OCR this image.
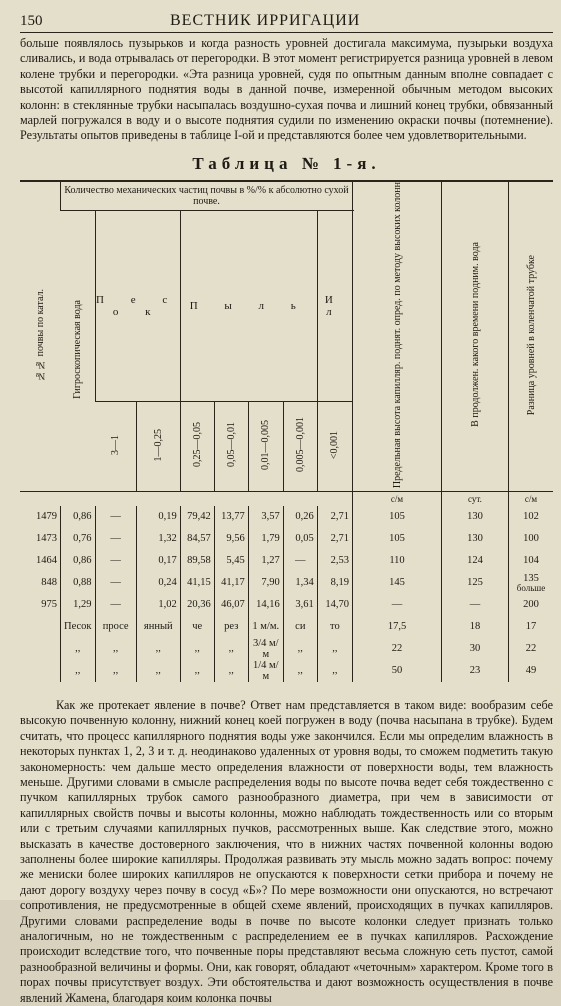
150	ВЕСТНИК ИРРИГАЦИИ

больше появлялось пузырьков и когда разность уровней достигала максимума, пузырьки воздуха сливались, и вода отрывалась от перегородки. В этот момент регистрируется разница уровней в левом колене трубки и перегородки. «Эта разница уровней, судя по опытным данным вполне совпадает с высотой капиллярного поднятия воды в данной почве, измеренной обычным методом высоких колонн: в стеклянные трубки насыпалась воздушно-сухая почва и лишний конец трубки, обвязанный марлей погружался в воду и о высоте поднятия судили по изменению окраски почвы (потемнение). Результаты опытов приведены в таблице I-ой и представляются более чем удовлетворительными.

Таблица № 1-я.
№№ почвы по катал.	Количество механических частиц почвы в %/% к абсолютно сухой почве.								Предельная высота капилляр. поднят. опред. по методу высоких колонн	В продолжен. какого времени подним. вода	Разница уровней в коленчатой трубке
	Гигроскопическая вода	П е с о к		П ы л ь				И л			
		3—1	1—0,25	0,25—0,05	0,05—0,01	0,01—0,005	0,005—0,001	<0,001			
									с/м	сут.	с/м
1479	0,86	—	0,19	79,42	13,77	3,57	0,26	2,71	105	130	102
1473	0,76	—	1,32	84,57	9,56	1,79	0,05	2,71	105	130	100
1464	0,86	—	0,17	89,58	5,45	1,27	—	2,53	110	124	104
848	0,88	—	0,24	41,15	41,17	7,90	1,34	8,19	145	125	135
больше

975	1,29	—	1,02	20,36	46,07	14,16	3,61	14,70	—	—	200
	Песок	просе	янный	че	рез	1 м/м.	си	то	17,5	18	17
	,,	,,	,,	,,	,,	3/4 м/м	,,	,,	22	30	22
	,,	,,	,,	,,	,,	1/4 м/м	,,	,,	50	23	49

Как же протекает явление в почве? Ответ нам представляется в таком виде: вообразим себе высокую почвенную колонну, нижний конец коей погружен в воду (почва насыпана в трубке). Будем считать, что процесс капиллярного поднятия воды уже закончился. Если мы определим влажность в некоторых пунктах 1, 2, 3 и т. д. неодинаково удаленных от уровня воды, то сможем подметить такую закономерность: чем дальше место определения влажности от поверхности воды, тем влажность меньше. Другими словами в смысле распределения воды по высоте почва ведет себя тождественно с пучком капиллярных трубок самого разнообразного диаметра, при чем в зависимости от капиллярных свойств почвы и высоты колонны, можно наблюдать тождественность или со вторым или с третьим случаями капиллярных пучков, рассмотренных выше. Как следствие этого, можно высказать в качестве достоверного заключения, что в нижних частях почвенной колонны водою заполнены более широкие капилляры. Продолжая развивать эту мысль можно задать вопрос: почему же мениски более широких капилляров не опускаются к поверхности сетки прибора и почему не дают дорогу воздуху через почву в сосуд «Б»? По мере возможности они опускаются, но встречают сопротивления, не предусмотренные в общей схеме явлений, происходящих в пучках капилляров. Другими словами распределение воды в почве по высоте колонки следует признать только аналогичным, но не тождественным с распределением ее в пучках капилляров. Расхождение происходит вследствие того, что почвенные поры представляют весьма сложную сеть пустот, самой разнообразной величины и формы. Они, как говорят, обладают «четочным» характером. Кроме того в порах почвы присутствует воздух. Эти обстоятельства и дают возможность осуществления в почве явлений Жамена, благодаря коим колонка почвы
